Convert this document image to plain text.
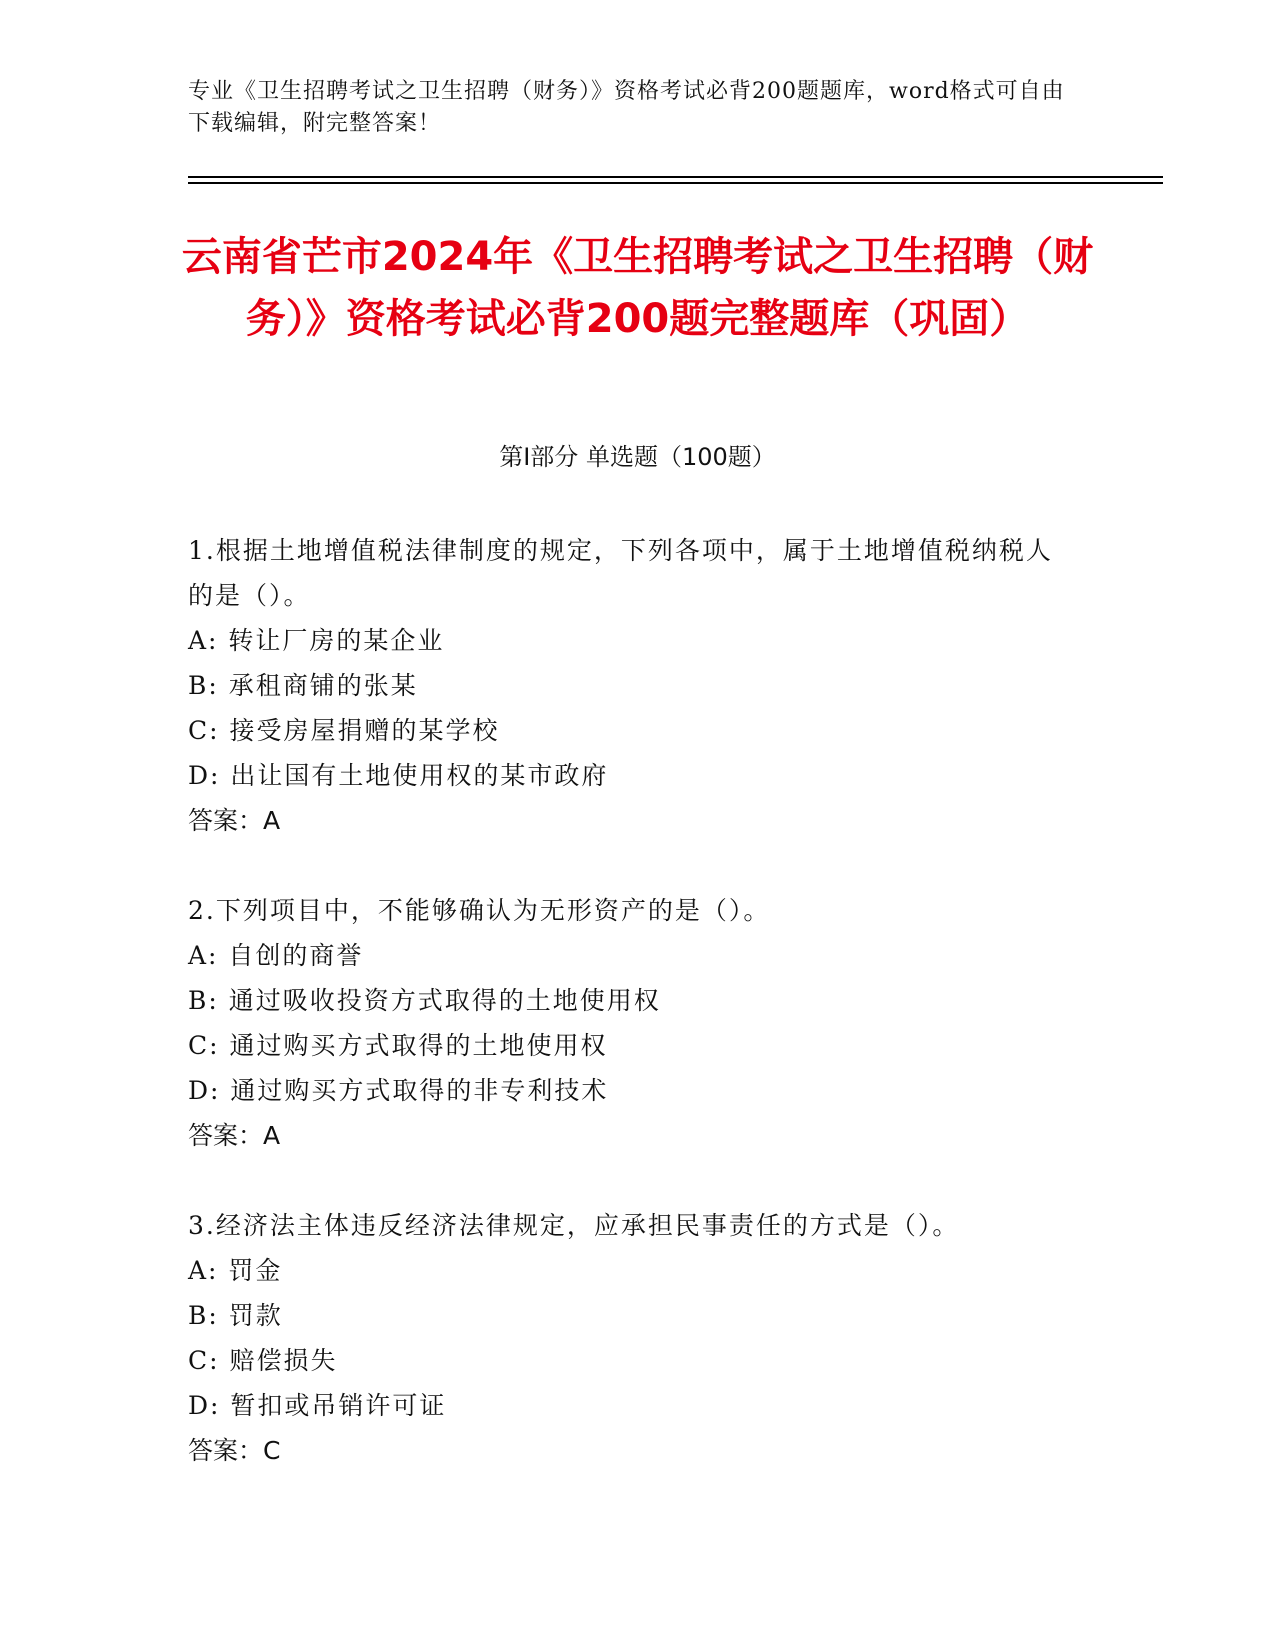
专业《卫生招聘考试之卫生招聘（财务）》资格考试必背200题题库，word格式可自由下载编辑，附完整答案！
云南省芒市2024年《卫生招聘考试之卫生招聘（财务）》资格考试必背200题完整题库（巩固）
第I部分 单选题（100题）
1.根据土地增值税法律制度的规定，下列各项中，属于土地增值税纳税人的是（）。
A: 转让厂房的某企业
B: 承租商铺的张某
C: 接受房屋捐赠的某学校
D: 出让国有土地使用权的某市政府
答案：A
2.下列项目中，不能够确认为无形资产的是（）。
A: 自创的商誉
B: 通过吸收投资方式取得的土地使用权
C: 通过购买方式取得的土地使用权
D: 通过购买方式取得的非专利技术
答案：A
3.经济法主体违反经济法律规定，应承担民事责任的方式是（）。
A: 罚金
B: 罚款
C: 赔偿损失
D: 暂扣或吊销许可证
答案：C
